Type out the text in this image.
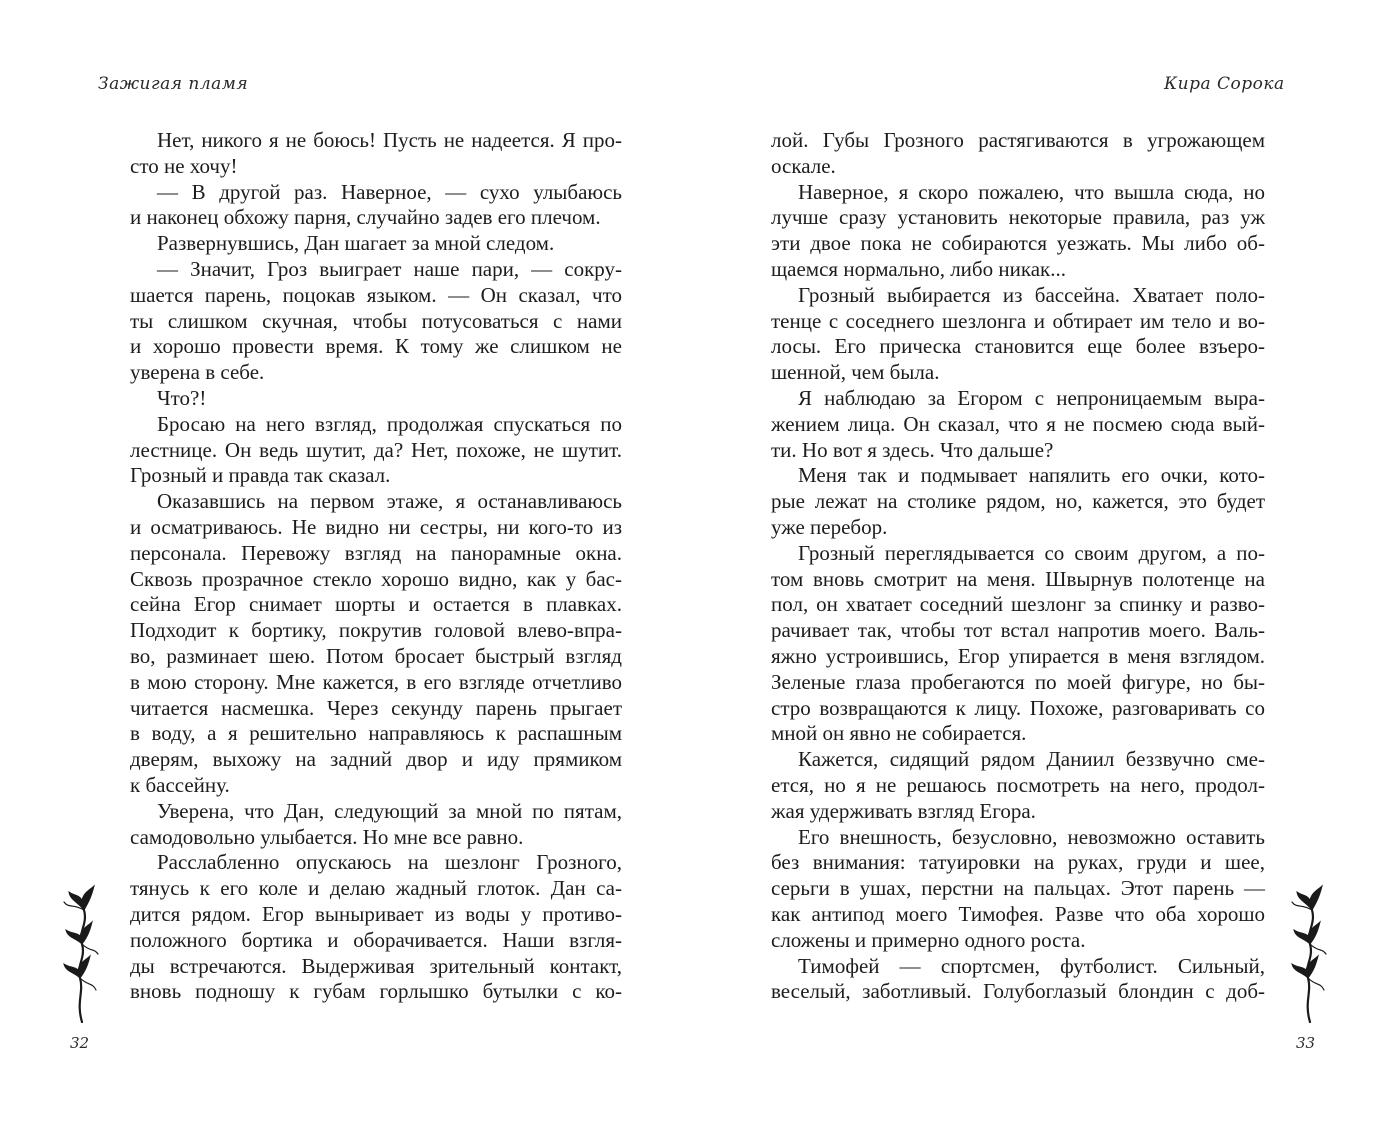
Зажигая пламя
Нет, никого я не боюсь! Пусть не надеется. Я про-
сто не хочу!
— В другой раз. Наверное, — сухо улыбаюсь
и наконец обхожу парня, случайно задев его плечом.
Развернувшись, Дан шагает за мной следом.
— Значит, Гроз выиграет наше пари, — сокру-
шается парень, поцокав языком. — Он сказал, что
ты слишком скучная, чтобы потусоваться с нами
и хорошо провести время. К тому же слишком не
уверена в себе.
Что?!
Бросаю на него взгляд, продолжая спускаться по
лестнице. Он ведь шутит, да? Нет, похоже, не шутит.
Грозный и правда так сказал.
Оказавшись на первом этаже, я останавливаюсь
и осматриваюсь. Не видно ни сестры, ни кого-то из
персонала. Перевожу взгляд на панорамные окна.
Сквозь прозрачное стекло хорошо видно, как у бас-
сейна Егор снимает шорты и остается в плавках.
Подходит к бортику, покрутив головой влево-впра-
во, разминает шею. Потом бросает быстрый взгляд
в мою сторону. Мне кажется, в его взгляде отчетливо
читается насмешка. Через секунду парень прыгает
в воду, а я решительно направляюсь к распашным
дверям, выхожу на задний двор и иду прямиком
к бассейну.
Уверена, что Дан, следующий за мной по пятам,
самодовольно улыбается. Но мне все равно.
Расслабленно опускаюсь на шезлонг Грозного,
тянусь к его коле и делаю жадный глоток. Дан са-
дится рядом. Егор выныривает из воды у противо-
положного бортика и оборачивается. Наши взгля-
ды встречаются. Выдерживая зрительный контакт,
вновь подношу к губам горлышко бутылки с ко-
32
Кира Сорока
лой. Губы Грозного растягиваются в угрожающем
оскале.
Наверное, я скоро пожалею, что вышла сюда, но
лучше сразу установить некоторые правила, раз уж
эти двое пока не собираются уезжать. Мы либо об-
щаемся нормально, либо никак...
Грозный выбирается из бассейна. Хватает поло-
тенце с соседнего шезлонга и обтирает им тело и во-
лосы. Его прическа становится еще более взъеро-
шенной, чем была.
Я наблюдаю за Егором с непроницаемым выра-
жением лица. Он сказал, что я не посмею сюда вый-
ти. Но вот я здесь. Что дальше?
Меня так и подмывает напялить его очки, кото-
рые лежат на столике рядом, но, кажется, это будет
уже перебор.
Грозный переглядывается со своим другом, а по-
том вновь смотрит на меня. Швырнув полотенце на
пол, он хватает соседний шезлонг за спинку и разво-
рачивает так, чтобы тот встал напротив моего. Валь-
яжно устроившись, Егор упирается в меня взглядом.
Зеленые глаза пробегаются по моей фигуре, но бы-
стро возвращаются к лицу. Похоже, разговаривать со
мной он явно не собирается.
Кажется, сидящий рядом Даниил беззвучно сме-
ется, но я не решаюсь посмотреть на него, продол-
жая удерживать взгляд Егора.
Его внешность, безусловно, невозможно оставить
без внимания: татуировки на руках, груди и шее,
серьги в ушах, перстни на пальцах. Этот парень —
как антипод моего Тимофея. Разве что оба хорошо
сложены и примерно одного роста.
Тимофей — спортсмен, футболист. Сильный,
веселый, заботливый. Голубоглазый блондин с доб-
33
